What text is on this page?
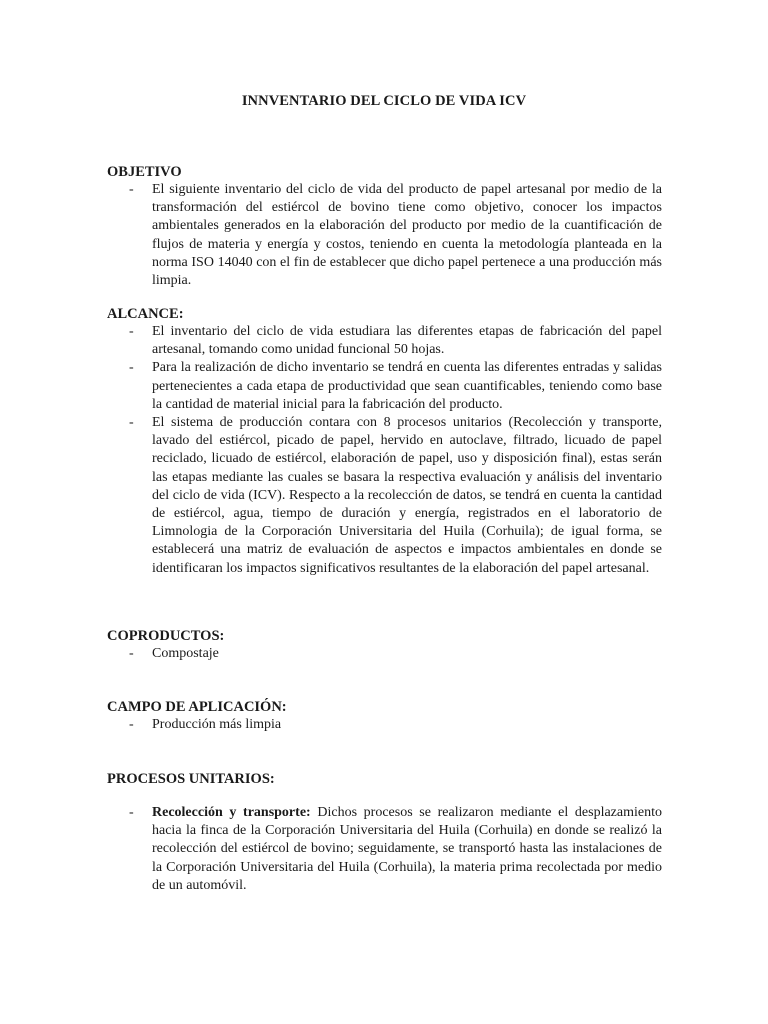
INNVENTARIO DEL CICLO DE VIDA ICV

OBJETIVO

- El siguiente inventario del ciclo de vida del producto de papel artesanal por medio de la transformación del estiércol de bovino tiene como objetivo, conocer los impactos ambientales generados en la elaboración del producto por medio de la cuantificación de flujos de materia y energía y costos, teniendo en cuenta la metodología planteada en la norma ISO 14040 con el fin de establecer que dicho papel pertenece a una producción más limpia.

ALCANCE:

- El inventario del ciclo de vida estudiara las diferentes etapas de fabricación del papel artesanal, tomando como unidad funcional 50 hojas.
- Para la realización de dicho inventario se tendrá en cuenta las diferentes entradas y salidas pertenecientes a cada etapa de productividad que sean cuantificables, teniendo como base la cantidad de material inicial para la fabricación del producto.
- El sistema de producción contara con 8 procesos unitarios (Recolección y transporte, lavado del estiércol, picado de papel, hervido en autoclave, filtrado, licuado de papel reciclado, licuado de estiércol, elaboración de papel, uso y disposición final), estas serán las etapas mediante las cuales se basara la respectiva evaluación y análisis del inventario del ciclo de vida (ICV). Respecto a la recolección de datos, se tendrá en cuenta la cantidad de estiércol, agua, tiempo de duración y energía, registrados en el laboratorio de Limnologia de la Corporación Universitaria del Huila (Corhuila); de igual forma, se establecerá una matriz de evaluación de aspectos e impactos ambientales en donde se identificaran los impactos significativos resultantes de la elaboración del papel artesanal.

COPRODUCTOS:

- Compostaje

CAMPO DE APLICACIÓN:

- Producción más limpia

PROCESOS UNITARIOS:

- Recolección y transporte: Dichos procesos se realizaron mediante el desplazamiento hacia la finca de la Corporación Universitaria del Huila (Corhuila) en donde se realizó la recolección del estiércol de bovino; seguidamente, se transportó hasta las instalaciones de la Corporación Universitaria del Huila (Corhuila), la materia prima recolectada por medio de un automóvil.
